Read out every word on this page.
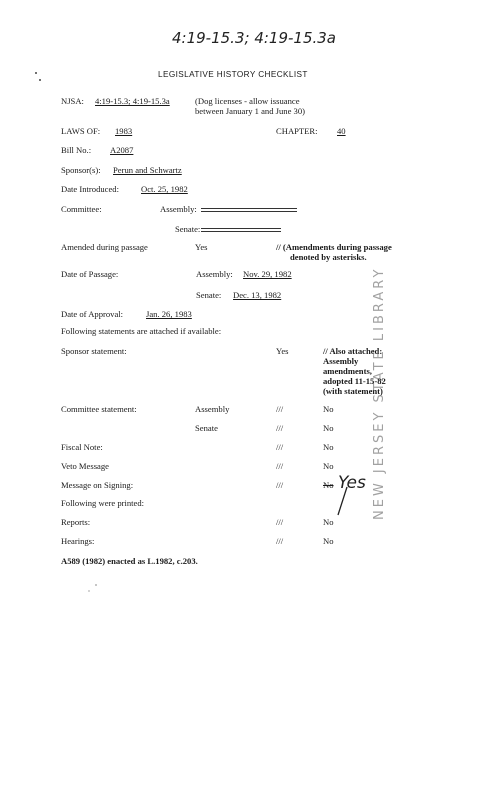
4:19-15.3; 4:19-15.3a
LEGISLATIVE HISTORY CHECKLIST
NJSA: 4:19-15.3; 4:19-15.3a	(Dog licenses - allow issuance
between January 1 and June 30)
LAWS OF: 1983	CHAPTER: 40
Bill No.: A2087
Sponsor(s): Perun and Schwartz
Date Introduced:	Oct. 25, 1982
Committee:	Assembly:
Senate:
Amended during passage	Yes	// (Amendments during passage
denoted by asterisks.
Date of Passage:	Assembly: Nov. 29, 1982
Senate: Dec. 13, 1982
Date of Approval:	Jan. 26, 1983
Following statements are attached if available:
Sponsor statement:	Yes	// Also attached:
Assembly
amendments,
adopted 11-15-82
(with statement)
Committee statement:	Assembly	///	No
Senate	///	No
Fiscal Note:	///	No
Veto Message	///	No
Message on Signing:	///	No Yes
Following were printed:
Reports:	///	No
Hearings:	///	No
A589 (1982) enacted as L.1982, c.203.
NEW JERSEY STATE LIBRARY
